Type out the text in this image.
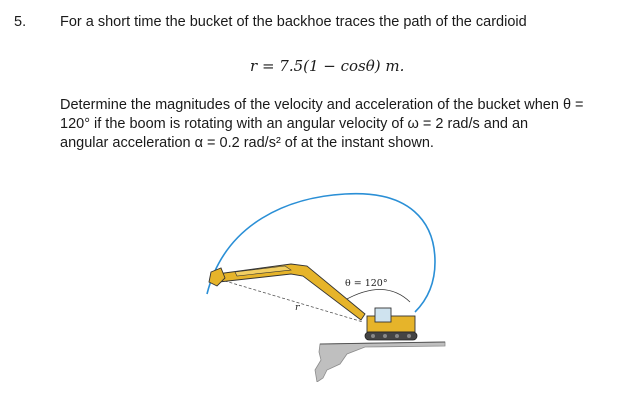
5. For a short time the bucket of the backhoe traces the path of the cardioid
r = 7.5(1 − cosθ) m.
Determine the magnitudes of the velocity and acceleration of the bucket when θ =
120° if the boom is rotating with an angular velocity of ω = 2 rad/s and an
angular acceleration α = 0.2 rad/s² of at the instant shown.
r
θ = 120°
